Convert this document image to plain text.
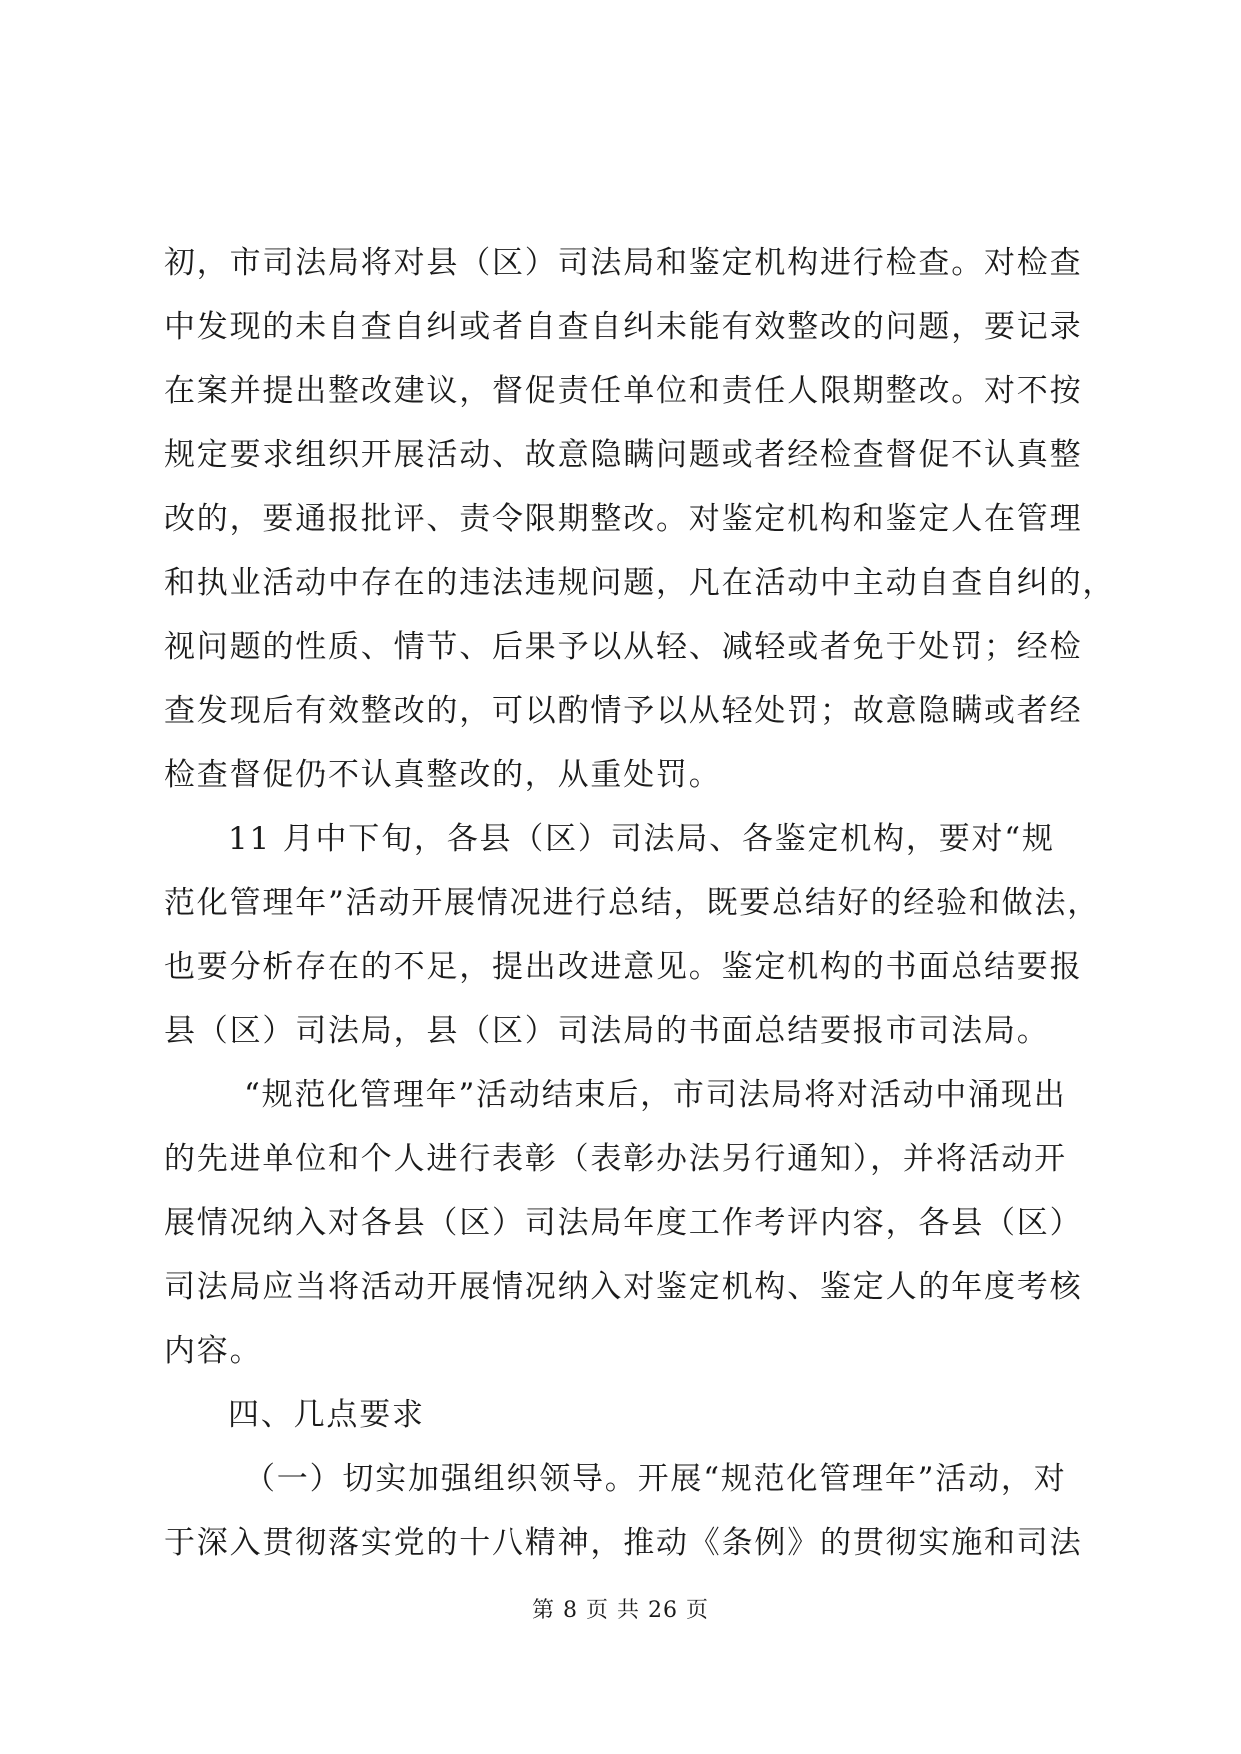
初，市司法局将对县（区）司法局和鉴定机构进行检查。对检查
中发现的未自查自纠或者自查自纠未能有效整改的问题，要记录
在案并提出整改建议，督促责任单位和责任人限期整改。对不按
规定要求组织开展活动、故意隐瞒问题或者经检查督促不认真整
改的，要通报批评、责令限期整改。对鉴定机构和鉴定人在管理
和执业活动中存在的违法违规问题，凡在活动中主动自查自纠的，
视问题的性质、情节、后果予以从轻、减轻或者免于处罚；经检
查发现后有效整改的，可以酌情予以从轻处罚；故意隐瞒或者经
检查督促仍不认真整改的，从重处罚。
11 月中下旬，各县（区）司法局、各鉴定机构，要对“规
范化管理年”活动开展情况进行总结，既要总结好的经验和做法，
也要分析存在的不足，提出改进意见。鉴定机构的书面总结要报
县（区）司法局，县（区）司法局的书面总结要报市司法局。
“规范化管理年”活动结束后，市司法局将对活动中涌现出
的先进单位和个人进行表彰（表彰办法另行通知），并将活动开
展情况纳入对各县（区）司法局年度工作考评内容，各县（区）
司法局应当将活动开展情况纳入对鉴定机构、鉴定人的年度考核
内容。
四、几点要求
（一）切实加强组织领导。开展“规范化管理年”活动，对
于深入贯彻落实党的十八精神，推动《条例》的贯彻实施和司法
第 8 页 共 26 页
